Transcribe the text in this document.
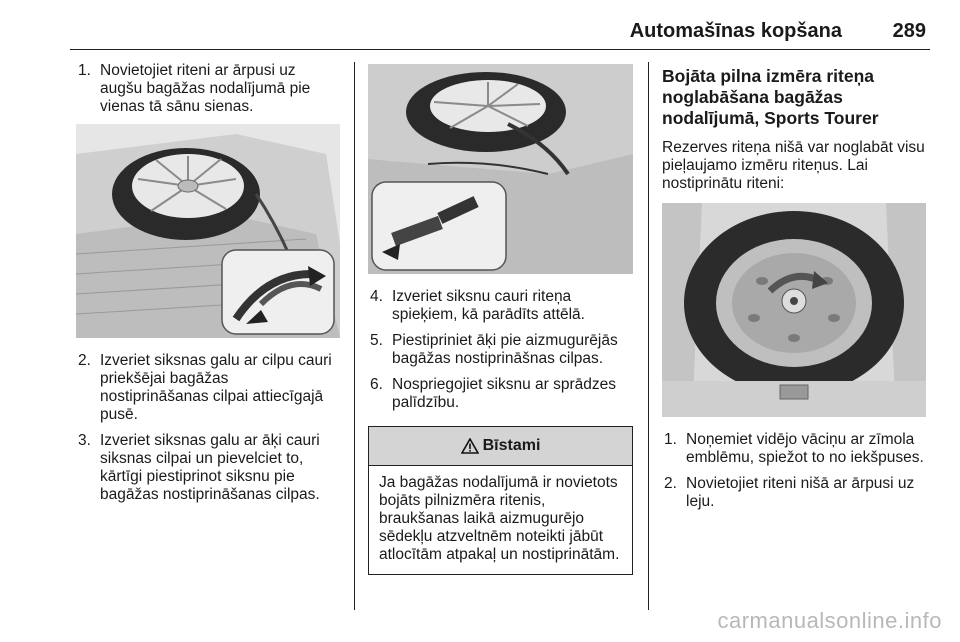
Automašīnas kopšana	289
1. Novietojiet riteni ar ārpusi uz augšu bagāžas nodalījumā pie vienas tā sānu sienas.
2. Izveriet siksnas galu ar cilpu cauri priekšējai bagāžas nostiprināšanas cilpai attiecīgajā pusē.
3. Izveriet siksnas galu ar āķi cauri siksnas cilpai un pievelciet to, kārtīgi piestiprinot siksnu pie bagāžas nostiprināšanas cilpas.
4. Izveriet siksnu cauri riteņa spieķiem, kā parādīts attēlā.
5. Piestipriniet āķi pie aizmugurējās bagāžas nostiprināšnas cilpas.
6. Nospriegojiet siksnu ar sprādzes palīdzību.
Bīstami
Ja bagāžas nodalījumā ir novietots bojāts pilnizmēra ritenis, braukšanas laikā aizmugurējo sēdekļu atzveltnēm noteikti jābūt atlocītām atpakaļ un nostiprinātām.
Bojāta pilna izmēra riteņa noglabāšana bagāžas nodalījumā, Sports Tourer
Rezerves riteņa nišā var noglabāt visu pieļaujamo izmēru riteņus. Lai nostiprinātu riteni:
1. Noņemiet vidējo vāciņu ar zīmola emblēmu, spiežot to no iekšpuses.
2. Novietojiet riteni nišā ar ārpusi uz leju.
carmanualsonline.info
